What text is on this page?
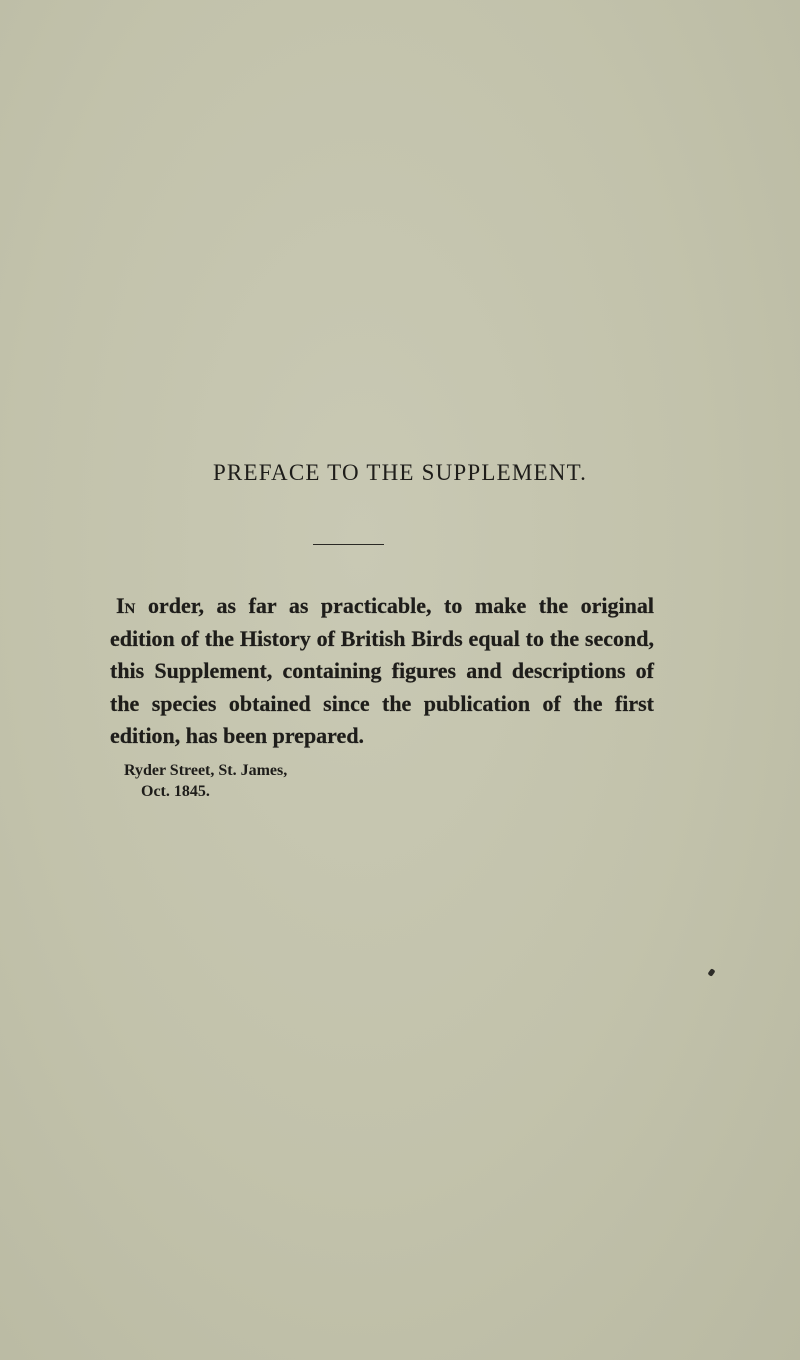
PREFACE TO THE SUPPLEMENT.

In order, as far as practicable, to make the original edition of the History of British Birds equal to the second, this Supplement, containing figures and descriptions of the species obtained since the publication of the first edition, has been prepared.

Ryder Street, St. James,
Oct. 1845.
